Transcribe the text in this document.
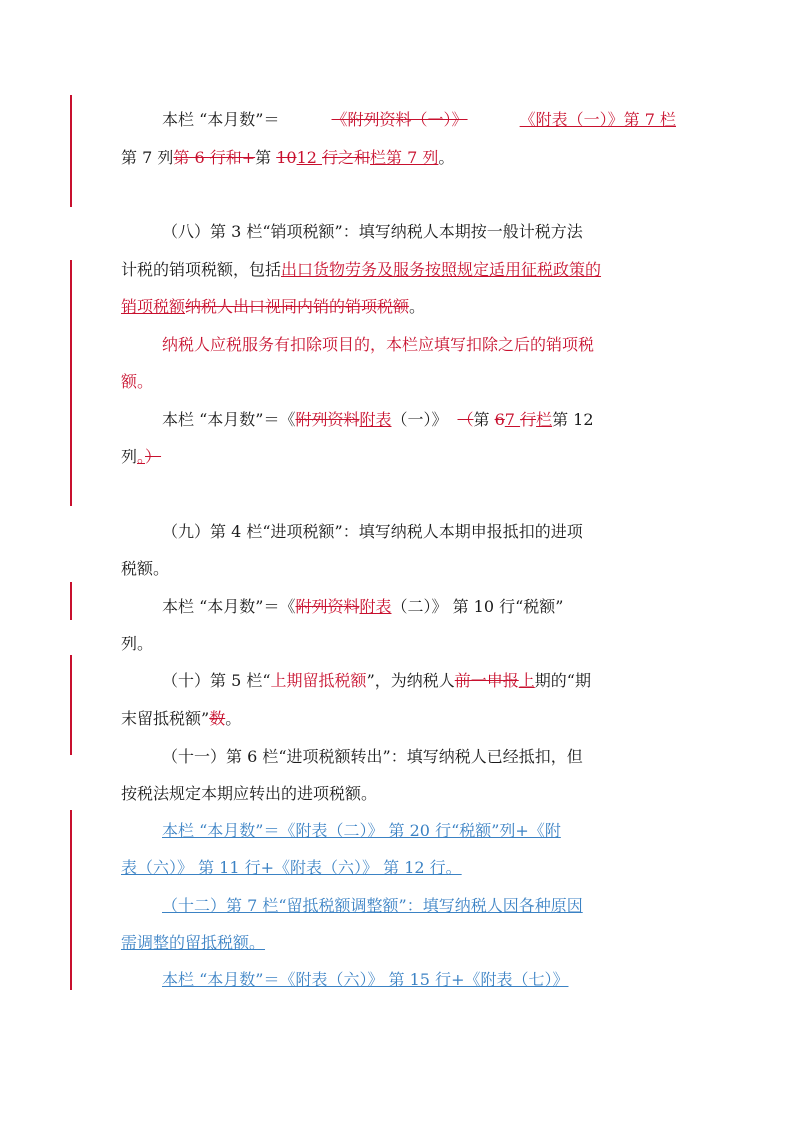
本栏 “本月数”＝	《附列资料（一）》	《附表（一）》第 7 栏
第 7 列第 6 行和+第 1012 行之和栏第 7 列。
（八）第 3 栏“销项税额”：填写纳税人本期按一般计税方法
计税的销项税额，包括出口货物劳务及服务按照规定适用征税政策的
销项税额纳税人出口视同内销的销项税额。
纳税人应税服务有扣除项目的，本栏应填写扣除之后的销项税
额。
本栏 “本月数”＝《附列资料附表（一）》 （第 67 行栏第 12
列。）
（九）第 4 栏“进项税额”：填写纳税人本期申报抵扣的进项
税额。
本栏 “本月数”＝《附列资料附表（二）》 第 10 行“税额”
列。
（十）第 5 栏“上期留抵税额”，为纳税人前一申报上期的“期
末留抵税额”数。
（十一）第 6 栏“进项税额转出”：填写纳税人已经抵扣，但
按税法规定本期应转出的进项税额。
本栏 “本月数”＝《附表（二）》 第 20 行“税额”列+《附
表（六）》 第 11 行+《附表（六）》 第 12 行。
（十二）第 7 栏“留抵税额调整额”：填写纳税人因各种原因
需调整的留抵税额。
本栏 “本月数”＝《附表（六）》 第 15 行+《附表（七）》
